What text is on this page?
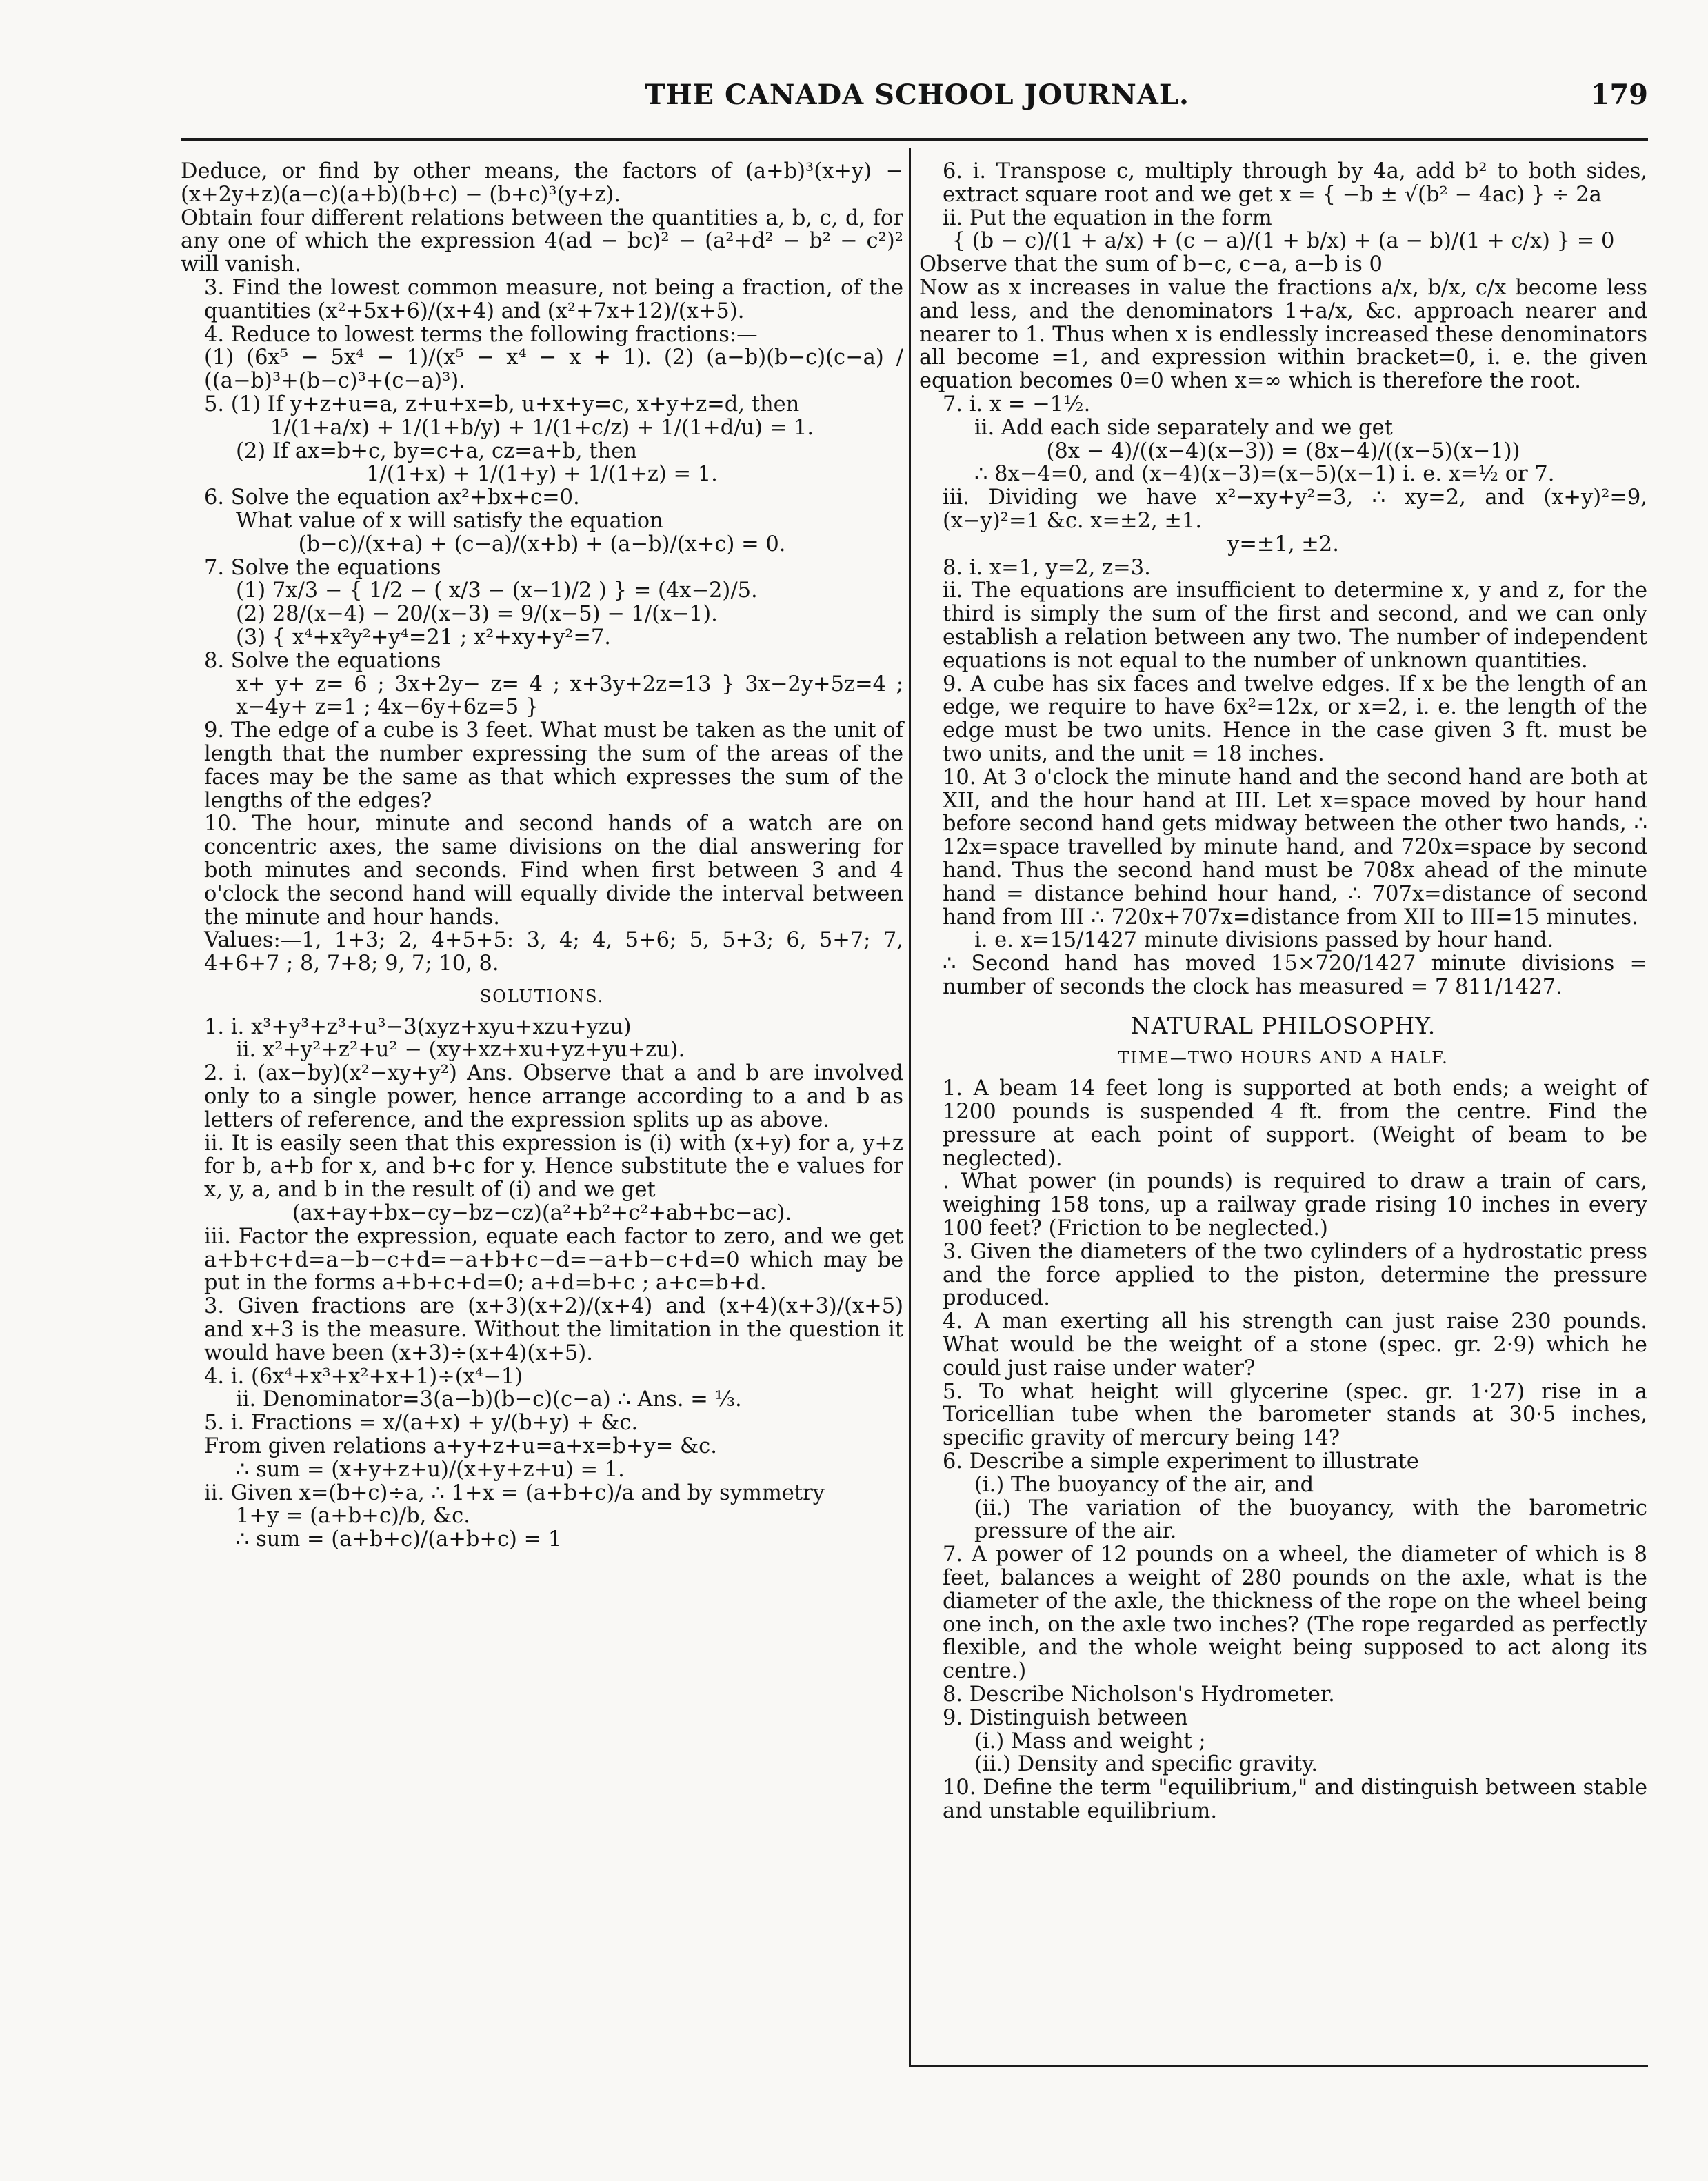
THE CANADA SCHOOL JOURNAL.	179

Deduce, or find by other means, the factors of (a+b)³(x+y) − (x+2y+z)(a−c)(a+b)(b+c) − (b+c)³(y+z).

Obtain four different relations between the quantities a, b, c, d, for any one of which the expression 4(ad − bc)² − (a²+d² − b² − c²)² will vanish.

3. Find the lowest common measure, not being a fraction, of the quantities (x²+5x+6)/(x+4) and (x²+7x+12)/(x+5).

4. Reduce to lowest terms the following fractions:—

(1) (6x⁵ − 5x⁴ − 1)/(x⁵ − x⁴ − x + 1). (2) (a−b)(b−c)(c−a) / ((a−b)³+(b−c)³+(c−a)³).

5. (1) If y+z+u=a, z+u+x=b, u+x+y=c, x+y+z=d, then

1/(1+a/x) + 1/(1+b/y) + 1/(1+c/z) + 1/(1+d/u) = 1.

(2) If ax=b+c, by=c+a, cz=a+b, then

1/(1+x) + 1/(1+y) + 1/(1+z) = 1.

6. Solve the equation ax²+bx+c=0.

What value of x will satisfy the equation

(b−c)/(x+a) + (c−a)/(x+b) + (a−b)/(x+c) = 0.

7. Solve the equations

(1) 7x/3 − { 1/2 − ( x/3 − (x−1)/2 ) } = (4x−2)/5.

(2) 28/(x−4) − 20/(x−3) = 9/(x−5) − 1/(x−1).

(3) { x⁴+x²y²+y⁴=21 ; x²+xy+y²=7.

8. Solve the equations

x+ y+ z= 6 ; 3x+2y− z= 4 ; x+3y+2z=13 } 3x−2y+5z=4 ; x−4y+ z=1 ; 4x−6y+6z=5 }

9. The edge of a cube is 3 feet. What must be taken as the unit of length that the number expressing the sum of the areas of the faces may be the same as that which expresses the sum of the lengths of the edges?

10. The hour, minute and second hands of a watch are on concentric axes, the same divisions on the dial answering for both minutes and seconds. Find when first between 3 and 4 o'clock the second hand will equally divide the interval between the minute and hour hands.

Values:—1, 1+3; 2, 4+5+5: 3, 4; 4, 5+6; 5, 5+3; 6, 5+7; 7, 4+6+7 ; 8, 7+8; 9, 7; 10, 8.

SOLUTIONS.

1. i. x³+y³+z³+u³−3(xyz+xyu+xzu+yzu)

ii. x²+y²+z²+u² − (xy+xz+xu+yz+yu+zu).

2. i. (ax−by)(x²−xy+y²) Ans. Observe that a and b are involved only to a single power, hence arrange according to a and b as letters of reference, and the expression splits up as above.

ii. It is easily seen that this expression is (i) with (x+y) for a, y+z for b, a+b for x, and b+c for y. Hence substitute the e values for x, y, a, and b in the result of (i) and we get

(ax+ay+bx−cy−bz−cz)(a²+b²+c²+ab+bc−ac).

iii. Factor the expression, equate each factor to zero, and we get a+b+c+d=a−b−c+d=−a+b+c−d=−a+b−c+d=0 which may be put in the forms a+b+c+d=0; a+d=b+c ; a+c=b+d.

3. Given fractions are (x+3)(x+2)/(x+4) and (x+4)(x+3)/(x+5) and x+3 is the measure. Without the limitation in the question it would have been (x+3)÷(x+4)(x+5).

4. i. (6x⁴+x³+x²+x+1)÷(x⁴−1)

ii. Denominator=3(a−b)(b−c)(c−a) ∴ Ans. = ⅓.

5. i. Fractions = x/(a+x) + y/(b+y) + &c.

From given relations a+y+z+u=a+x=b+y= &c.

∴ sum = (x+y+z+u)/(x+y+z+u) = 1.

ii. Given x=(b+c)÷a, ∴ 1+x = (a+b+c)/a and by symmetry

1+y = (a+b+c)/b, &c.

∴ sum = (a+b+c)/(a+b+c) = 1

6. i. Transpose c, multiply through by 4a, add b² to both sides, extract square root and we get x = { −b ± √(b² − 4ac) } ÷ 2a

ii. Put the equation in the form

{ (b − c)/(1 + a/x) + (c − a)/(1 + b/x) + (a − b)/(1 + c/x) } = 0

Observe that the sum of b−c, c−a, a−b is 0

Now as x increases in value the fractions a/x, b/x, c/x become less and less, and the denominators 1+a/x, &c. approach nearer and nearer to 1. Thus when x is endlessly increased these denominators all become =1, and expression within bracket=0, i. e. the given equation becomes 0=0 when x=∞ which is therefore the root.

7. i. x = −1½.

ii. Add each side separately and we get

(8x − 4)/((x−4)(x−3)) = (8x−4)/((x−5)(x−1))

∴ 8x−4=0, and (x−4)(x−3)=(x−5)(x−1) i. e. x=½ or 7.

iii. Dividing we have x²−xy+y²=3, ∴ xy=2, and (x+y)²=9, (x−y)²=1 &c. x=±2, ±1.

y=±1, ±2.

8. i. x=1, y=2, z=3.

ii. The equations are insufficient to determine x, y and z, for the third is simply the sum of the first and second, and we can only establish a relation between any two. The number of independent equations is not equal to the number of unknown quantities.

9. A cube has six faces and twelve edges. If x be the length of an edge, we require to have 6x²=12x, or x=2, i. e. the length of the edge must be two units. Hence in the case given 3 ft. must be two units, and the unit = 18 inches.

10. At 3 o'clock the minute hand and the second hand are both at XII, and the hour hand at III. Let x=space moved by hour hand before second hand gets midway between the other two hands, ∴ 12x=space travelled by minute hand, and 720x=space by second hand. Thus the second hand must be 708x ahead of the minute hand = distance behind hour hand, ∴ 707x=distance of second hand from III ∴ 720x+707x=distance from XII to III=15 minutes.

i. e. x=15/1427 minute divisions passed by hour hand.

∴ Second hand has moved 15×720/1427 minute divisions = number of seconds the clock has measured = 7 811/1427.

NATURAL PHILOSOPHY.
TIME—TWO HOURS AND A HALF.

1. A beam 14 feet long is supported at both ends; a weight of 1200 pounds is suspended 4 ft. from the centre. Find the pressure at each point of support. (Weight of beam to be neglected).

. What power (in pounds) is required to draw a train of cars, weighing 158 tons, up a railway grade rising 10 inches in every 100 feet? (Friction to be neglected.)

3. Given the diameters of the two cylinders of a hydrostatic press and the force applied to the piston, determine the pressure produced.

4. A man exerting all his strength can just raise 230 pounds. What would be the weight of a stone (spec. gr. 2·9) which he could just raise under water?

5. To what height will glycerine (spec. gr. 1·27) rise in a Toricellian tube when the barometer stands at 30·5 inches, specific gravity of mercury being 14?

6. Describe a simple experiment to illustrate

(i.) The buoyancy of the air, and

(ii.) The variation of the buoyancy, with the barometric pressure of the air.

7. A power of 12 pounds on a wheel, the diameter of which is 8 feet, balances a weight of 280 pounds on the axle, what is the diameter of the axle, the thickness of the rope on the wheel being one inch, on the axle two inches? (The rope regarded as perfectly flexible, and the whole weight being supposed to act along its centre.)

8. Describe Nicholson's Hydrometer.

9. Distinguish between

(i.) Mass and weight ;

(ii.) Density and specific gravity.

10. Define the term "equilibrium," and distinguish between stable and unstable equilibrium.
